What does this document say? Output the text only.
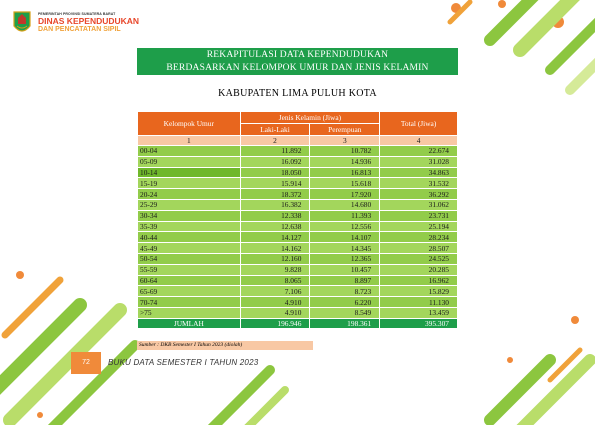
PEMERINTAH PROVINSI SUMATERA BARAT
DINAS KEPENDUDUKAN
DAN PENCATATAN SIPIL
REKAPITULASI DATA KEPENDUDUKAN
BERDASARKAN KELOMPOK UMUR DAN JENIS KELAMIN
KABUPATEN LIMA PULUH KOTA
Kelompok Umur	Jenis Kelamin (Jiwa)		Total (Jiwa)
	Laki-Laki	Perempuan	
1	2	3	4
00-04	11.892	10.782	22.674
05-09	16.092	14.936	31.028
10-14	18.050	16.813	34.863
15-19	15.914	15.618	31.532
20-24	18.372	17.920	36.292
25-29	16.382	14.680	31.062
30-34	12.338	11.393	23.731
35-39	12.638	12.556	25.194
40-44	14.127	14.107	28.234
45-49	14.162	14.345	28.507
50-54	12.160	12.365	24.525
55-59	9.828	10.457	20.285
60-64	8.065	8.897	16.962
65-69	7.106	8.723	15.829
70-74	4.910	6.220	11.130
>75	4.910	8.549	13.459
JUMLAH	196.946	198.361	395.307
Sumber : DKB Semester I Tahun 2023 (diolah)
72	BUKU DATA SEMESTER I TAHUN 2023
